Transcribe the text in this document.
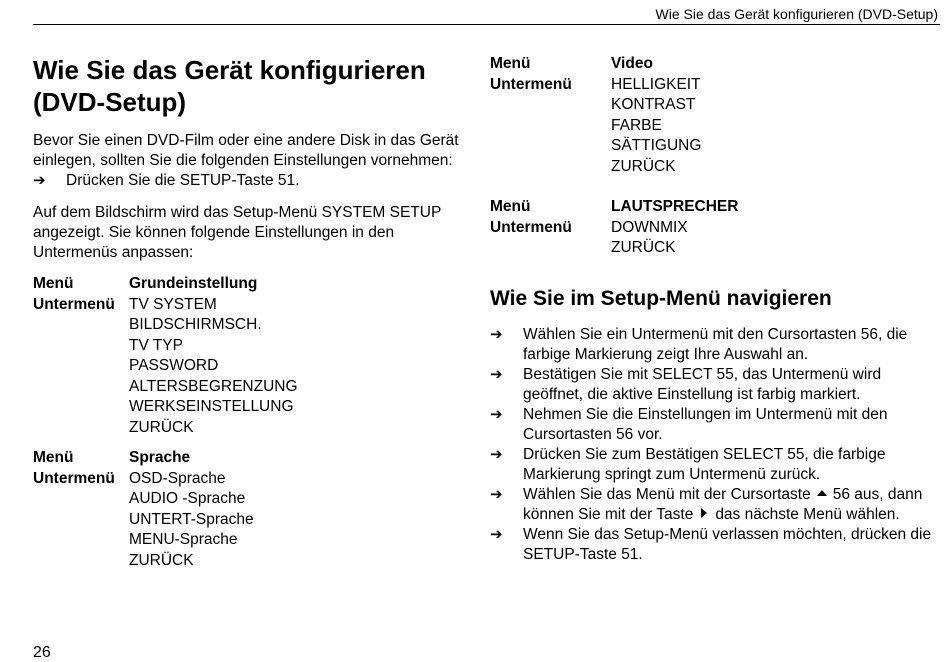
Wie Sie das Gerät konfigurieren (DVD-Setup)
Wie Sie das Gerät konfigurieren
(DVD-Setup)

Bevor Sie einen DVD-Film oder eine andere Disk in das Gerät einlegen, sollten Sie die folgenden Einstellungen vornehmen:

➔	Drücken Sie die SETUP-Taste 51.

Auf dem Bildschirm wird das Setup-Menü SYSTEM SETUP angezeigt. Sie können folgende Einstellungen in den Untermenüs anpassen:

Menü	Grundeinstellung
Untermenü TV SYSTEM
BILDSCHIRMSCH.
TV TYP
PASSWORD
ALTERSBEGRENZUNG
WERKSEINSTELLUNG
ZURÜCK
Menü	Sprache
Untermenü OSD-Sprache
AUDIO -Sprache
UNTERT-Sprache
MENU-Sprache
ZURÜCK
Menü	Video
Untermenü	HELLIGKEIT
KONTRAST
FARBE
SÄTTIGUNG
ZURÜCK
Menü	LAUTSPRECHER
Untermenü	DOWNMIX
ZURÜCK
Wie Sie im Setup-Menü navigieren
➔	Wählen Sie ein Untermenü mit den Cursortasten 56, die farbige Markierung zeigt Ihre Auswahl an.
➔	Bestätigen Sie mit SELECT 55, das Untermenü wird geöffnet, die aktive Einstellung ist farbig markiert.
➔	Nehmen Sie die Einstellungen im Untermenü mit den Cursortasten 56 vor.
➔	Drücken Sie zum Bestätigen SELECT 55, die farbige Markierung springt zum Untermenü zurück.
➔	Wählen Sie das Menü mit der Cursortaste 56 aus, dann können Sie mit der Taste das nächste Menü wählen.
➔	Wenn Sie das Setup-Menü verlassen möchten, drücken die SETUP-Taste 51.
26
